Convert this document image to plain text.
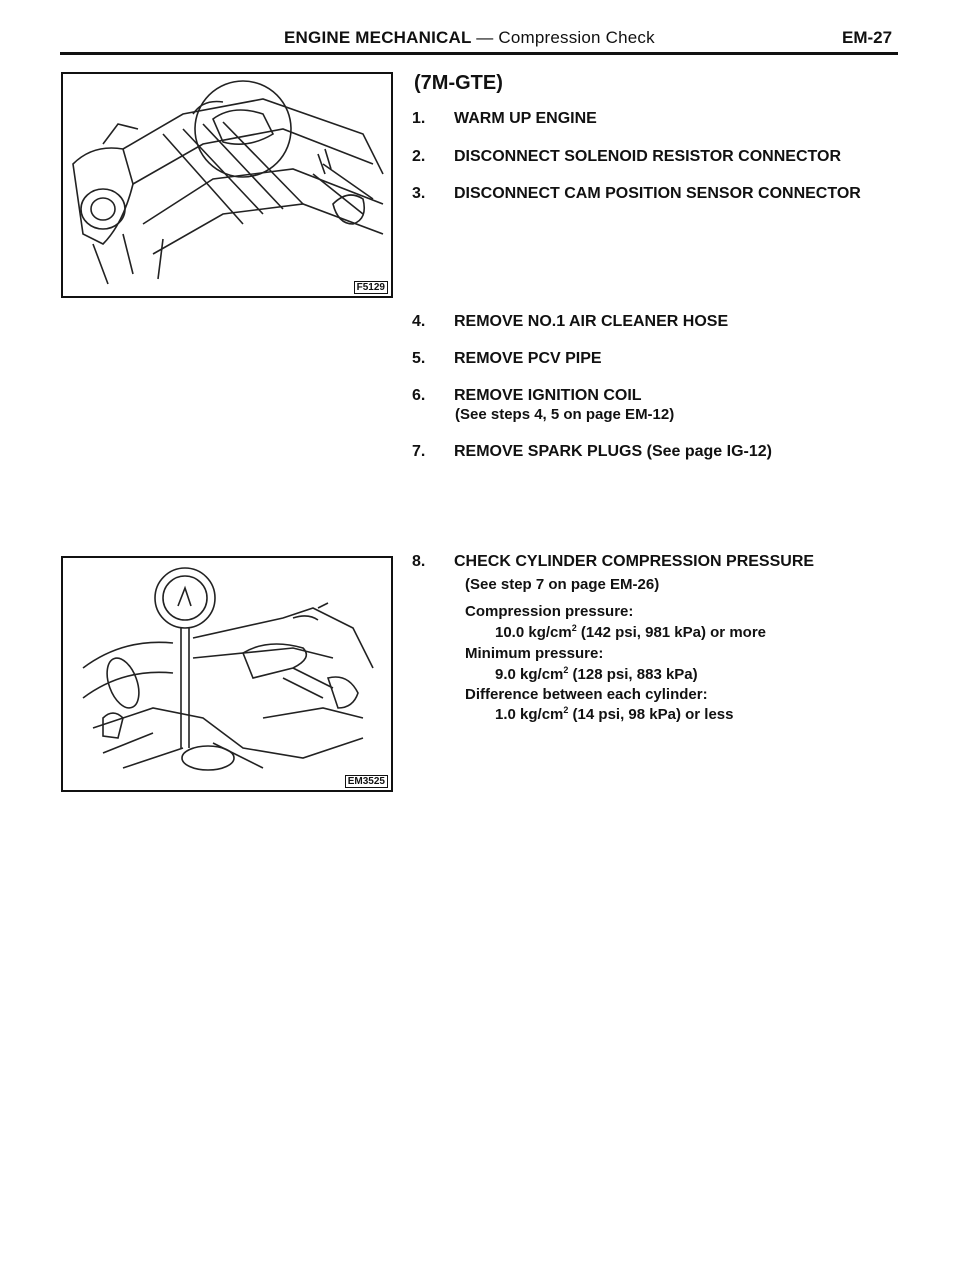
ENGINE MECHANICAL — Compression Check	EM-27
F5129
EM3525
(7M-GTE)
1. WARM UP ENGINE
2. DISCONNECT SOLENOID RESISTOR CONNECTOR
3. DISCONNECT CAM POSITION SENSOR CONNECTOR
4. REMOVE NO.1 AIR CLEANER HOSE
5. REMOVE PCV PIPE
6. REMOVE IGNITION COIL
(See steps 4, 5 on page EM-12)
7. REMOVE SPARK PLUGS (See page IG-12)
8. CHECK CYLINDER COMPRESSION PRESSURE
(See step 7 on page EM-26)
Compression pressure:
10.0 $kg/cm^2$ (142 psi, 981 kPa) or more
Minimum pressure:
9.0 $kg/cm^2$ (128 psi, 883 kPa)
Difference between each cylinder:
1.0 $kg/cm^2$ (14 psi, 98 kPa) or less
